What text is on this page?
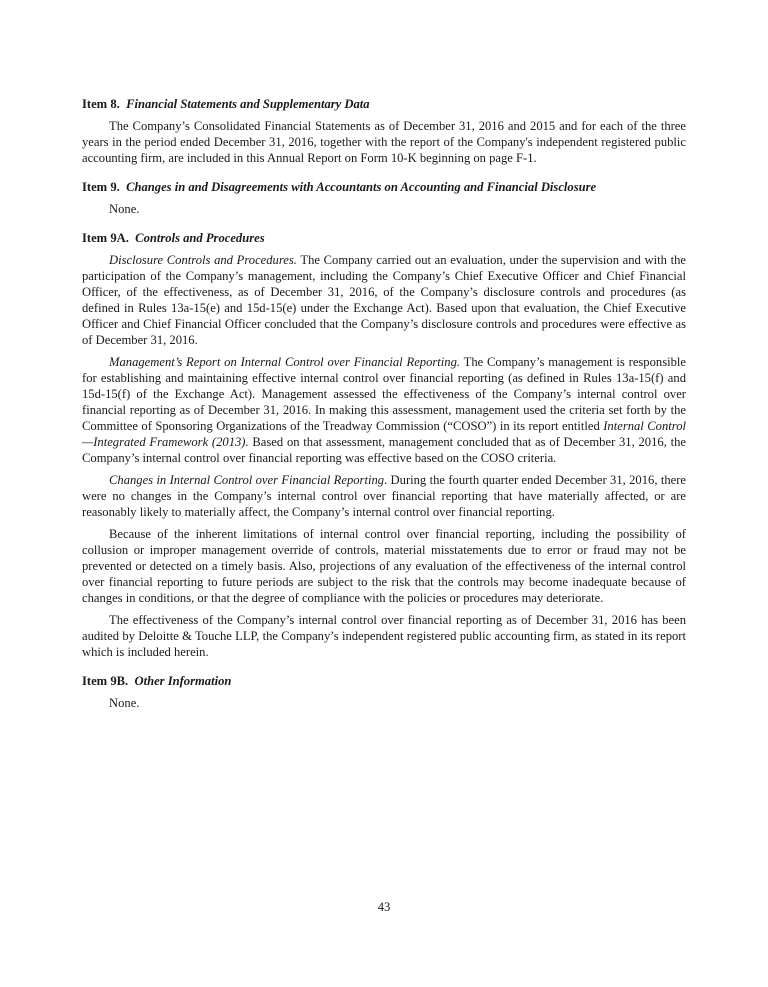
Item 8. Financial Statements and Supplementary Data

The Company’s Consolidated Financial Statements as of December 31, 2016 and 2015 and for each of the three years in the period ended December 31, 2016, together with the report of the Company's independent registered public accounting firm, are included in this Annual Report on Form 10-K beginning on page F-1.

Item 9. Changes in and Disagreements with Accountants on Accounting and Financial Disclosure
None.
Item 9A. Controls and Procedures

Disclosure Controls and Procedures. The Company carried out an evaluation, under the supervision and with the participation of the Company’s management, including the Company’s Chief Executive Officer and Chief Financial Officer, of the effectiveness, as of December 31, 2016, of the Company’s disclosure controls and procedures (as defined in Rules 13a-15(e) and 15d-15(e) under the Exchange Act). Based upon that evaluation, the Chief Executive Officer and Chief Financial Officer concluded that the Company’s disclosure controls and procedures were effective as of December 31, 2016.

Management’s Report on Internal Control over Financial Reporting. The Company’s management is responsible for establishing and maintaining effective internal control over financial reporting (as defined in Rules 13a-15(f) and 15d-15(f) of the Exchange Act). Management assessed the effectiveness of the Company’s internal control over financial reporting as of December 31, 2016. In making this assessment, management used the criteria set forth by the Committee of Sponsoring Organizations of the Treadway Commission (“COSO”) in its report entitled Internal Control—Integrated Framework (2013). Based on that assessment, management concluded that as of December 31, 2016, the Company’s internal control over financial reporting was effective based on the COSO criteria.

Changes in Internal Control over Financial Reporting. During the fourth quarter ended December 31, 2016, there were no changes in the Company’s internal control over financial reporting that have materially affected, or are reasonably likely to materially affect, the Company’s internal control over financial reporting.

Because of the inherent limitations of internal control over financial reporting, including the possibility of collusion or improper management override of controls, material misstatements due to error or fraud may not be prevented or detected on a timely basis. Also, projections of any evaluation of the effectiveness of the internal control over financial reporting to future periods are subject to the risk that the controls may become inadequate because of changes in conditions, or that the degree of compliance with the policies or procedures may deteriorate.

The effectiveness of the Company’s internal control over financial reporting as of December 31, 2016 has been audited by Deloitte & Touche LLP, the Company’s independent registered public accounting firm, as stated in its report which is included herein.

Item 9B. Other Information
None.
43
